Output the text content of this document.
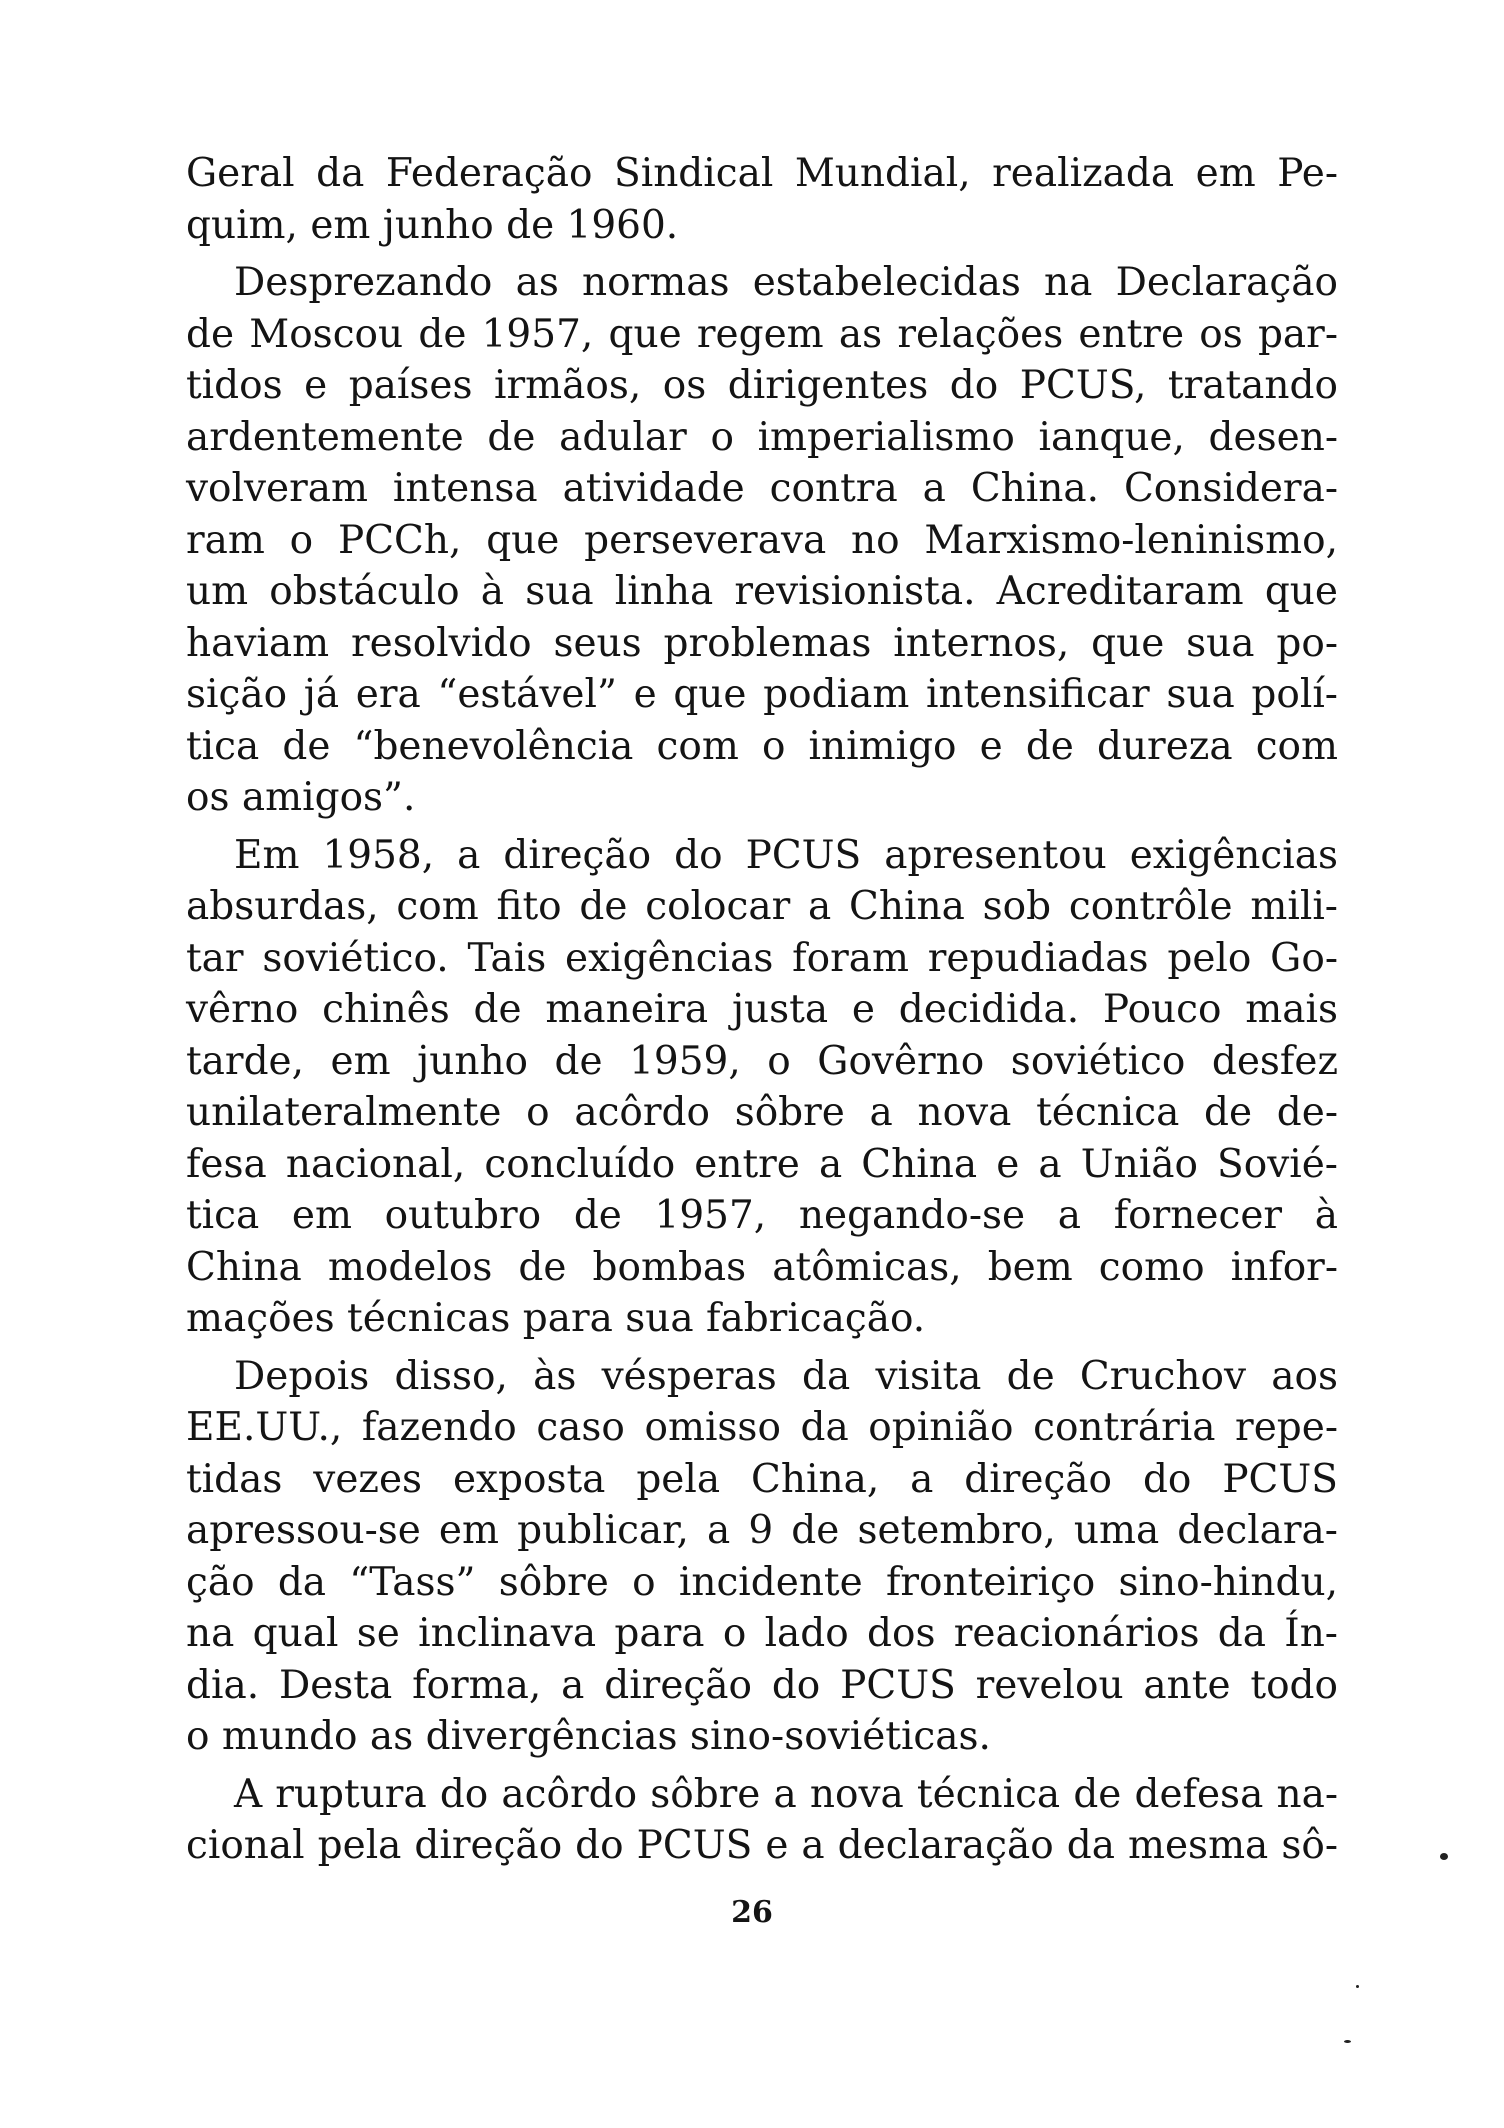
Geral da Federação Sindical Mundial, realizada em Pe-
quim, em junho de 1960.
Desprezando as normas estabelecidas na Declaração
de Moscou de 1957, que regem as relações entre os par-
tidos e países irmãos, os dirigentes do PCUS, tratando
ardentemente de adular o imperialismo ianque, desen-
volveram intensa atividade contra a China. Considera-
ram o PCCh, que perseverava no Marxismo-leninismo,
um obstáculo à sua linha revisionista. Acreditaram que
haviam resolvido seus problemas internos, que sua po-
sição já era “estável” e que podiam intensificar sua polí-
tica de “benevolência com o inimigo e de dureza com
os amigos”.
Em 1958, a direção do PCUS apresentou exigências
absurdas, com fito de colocar a China sob contrôle mili-
tar soviético. Tais exigências foram repudiadas pelo Go-
vêrno chinês de maneira justa e decidida. Pouco mais
tarde, em junho de 1959, o Govêrno soviético desfez
unilateralmente o acôrdo sôbre a nova técnica de de-
fesa nacional, concluído entre a China e a União Sovié-
tica em outubro de 1957, negando-se a fornecer à
China modelos de bombas atômicas, bem como infor-
mações técnicas para sua fabricação.
Depois disso, às vésperas da visita de Cruchov aos
EE.UU., fazendo caso omisso da opinião contrária repe-
tidas vezes exposta pela China, a direção do PCUS
apressou-se em publicar, a 9 de setembro, uma declara-
ção da “Tass” sôbre o incidente fronteiriço sino-hindu,
na qual se inclinava para o lado dos reacionários da Ín-
dia. Desta forma, a direção do PCUS revelou ante todo
o mundo as divergências sino-soviéticas.
A ruptura do acôrdo sôbre a nova técnica de defesa na-
cional pela direção do PCUS e a declaração da mesma sô-
26
